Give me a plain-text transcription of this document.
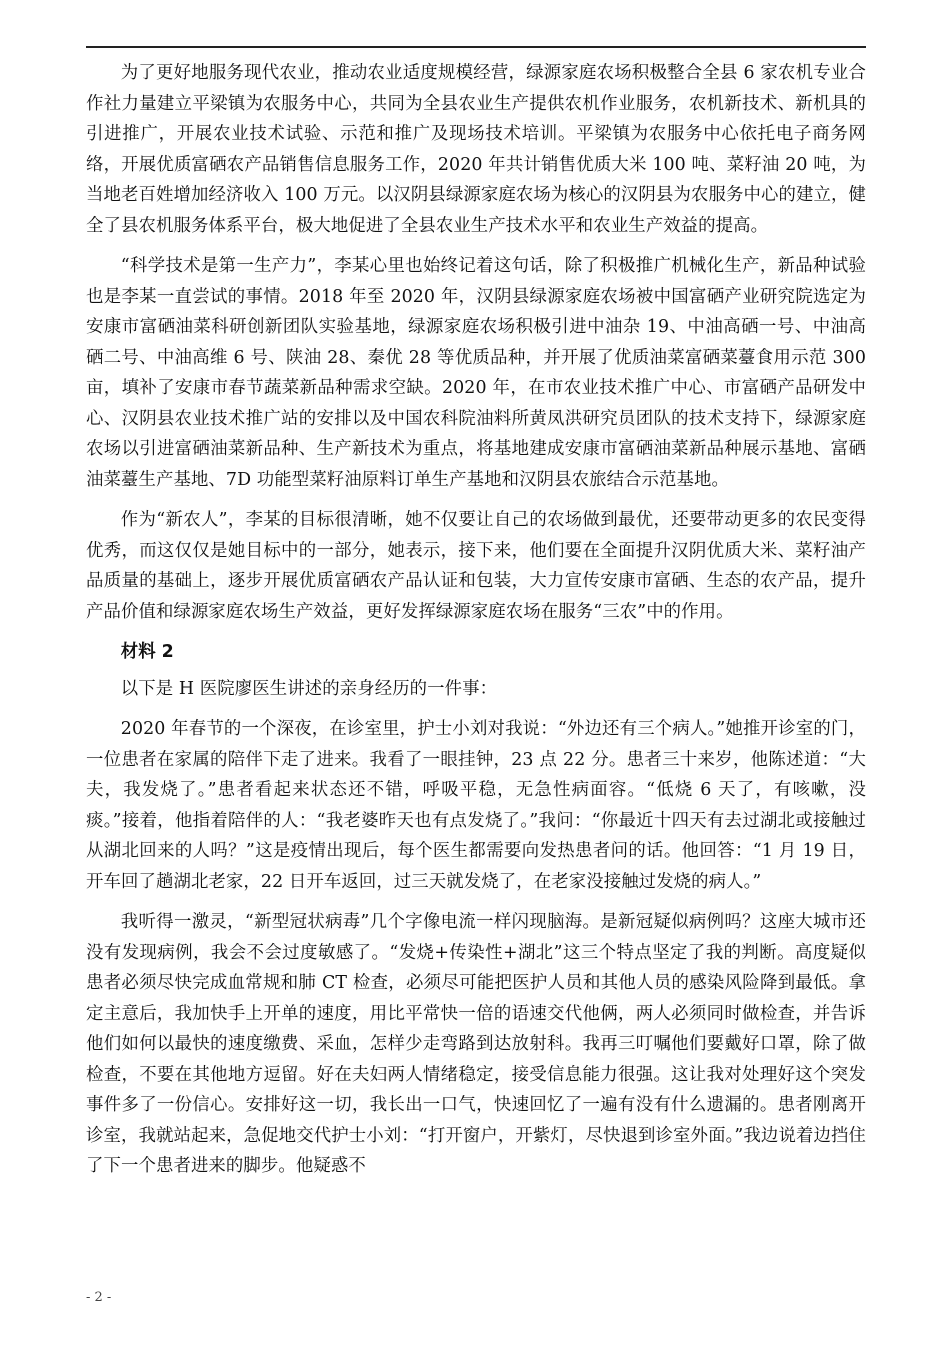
为了更好地服务现代农业，推动农业适度规模经营，绿源家庭农场积极整合全县 6 家农机专业合作社力量建立平梁镇为农服务中心，共同为全县农业生产提供农机作业服务，农机新技术、新机具的引进推广，开展农业技术试验、示范和推广及现场技术培训。平梁镇为农服务中心依托电子商务网络，开展优质富硒农产品销售信息服务工作，2020 年共计销售优质大米 100 吨、菜籽油 20 吨，为当地老百姓增加经济收入 100 万元。以汉阴县绿源家庭农场为核心的汉阴县为农服务中心的建立，健全了县农机服务体系平台，极大地促进了全县农业生产技术水平和农业生产效益的提高。

“科学技术是第一生产力”，李某心里也始终记着这句话，除了积极推广机械化生产，新品种试验也是李某一直尝试的事情。2018 年至 2020 年，汉阴县绿源家庭农场被中国富硒产业研究院选定为安康市富硒油菜科研创新团队实验基地，绿源家庭农场积极引进中油杂 19、中油高硒一号、中油高硒二号、中油高维 6 号、陕油 28、秦优 28 等优质品种，并开展了优质油菜富硒菜薹食用示范 300 亩，填补了安康市春节蔬菜新品种需求空缺。2020 年，在市农业技术推广中心、市富硒产品研发中心、汉阴县农业技术推广站的安排以及中国农科院油料所黄凤洪研究员团队的技术支持下，绿源家庭农场以引进富硒油菜新品种、生产新技术为重点，将基地建成安康市富硒油菜新品种展示基地、富硒油菜薹生产基地、7D 功能型菜籽油原料订单生产基地和汉阴县农旅结合示范基地。

作为“新农人”，李某的目标很清晰，她不仅要让自己的农场做到最优，还要带动更多的农民变得优秀，而这仅仅是她目标中的一部分，她表示，接下来，他们要在全面提升汉阴优质大米、菜籽油产品质量的基础上，逐步开展优质富硒农产品认证和包装，大力宣传安康市富硒、生态的农产品，提升产品价值和绿源家庭农场生产效益，更好发挥绿源家庭农场在服务“三农”中的作用。

材料 2

以下是 H 医院廖医生讲述的亲身经历的一件事：

2020 年春节的一个深夜，在诊室里，护士小刘对我说：“外边还有三个病人。”她推开诊室的门，一位患者在家属的陪伴下走了进来。我看了一眼挂钟，23 点 22 分。患者三十来岁，他陈述道：“大夫，我发烧了。”患者看起来状态还不错，呼吸平稳，无急性病面容。“低烧 6 天了，有咳嗽，没痰。”接着，他指着陪伴的人：“我老婆昨天也有点发烧了。”我问：“你最近十四天有去过湖北或接触过从湖北回来的人吗？”这是疫情出现后，每个医生都需要向发热患者问的话。他回答：“1 月 19 日，开车回了趟湖北老家，22 日开车返回，过三天就发烧了，在老家没接触过发烧的病人。”

我听得一激灵，“新型冠状病毒”几个字像电流一样闪现脑海。是新冠疑似病例吗？这座大城市还没有发现病例，我会不会过度敏感了。“发烧+传染性+湖北”这三个特点坚定了我的判断。高度疑似患者必须尽快完成血常规和肺 CT 检查，必须尽可能把医护人员和其他人员的感染风险降到最低。拿定主意后，我加快手上开单的速度，用比平常快一倍的语速交代他俩，两人必须同时做检查，并告诉他们如何以最快的速度缴费、采血，怎样少走弯路到达放射科。我再三叮嘱他们要戴好口罩，除了做检查，不要在其他地方逗留。好在夫妇两人情绪稳定，接受信息能力很强。这让我对处理好这个突发事件多了一份信心。安排好这一切，我长出一口气，快速回忆了一遍有没有什么遗漏的。患者刚离开诊室，我就站起来，急促地交代护士小刘：“打开窗户，开紫灯，尽快退到诊室外面。”我边说着边挡住了下一个患者进来的脚步。他疑惑不

- 2 -
